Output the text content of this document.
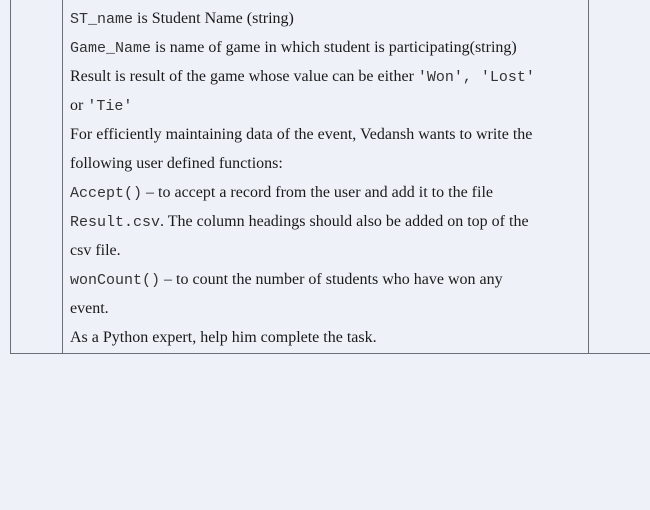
ST_name is Student Name (string)
Game_Name is name of game in which student is participating(string)
Result is result of the game whose value can be either 'Won', 'Lost'
or 'Tie'
For efficiently maintaining data of the event, Vedansh wants to write the
following user defined functions:
Accept() – to accept a record from the user and add it to the file
Result.csv. The column headings should also be added on top of the
csv file.
wonCount() – to count the number of students who have won any
event.
As a Python expert, help him complete the task.
